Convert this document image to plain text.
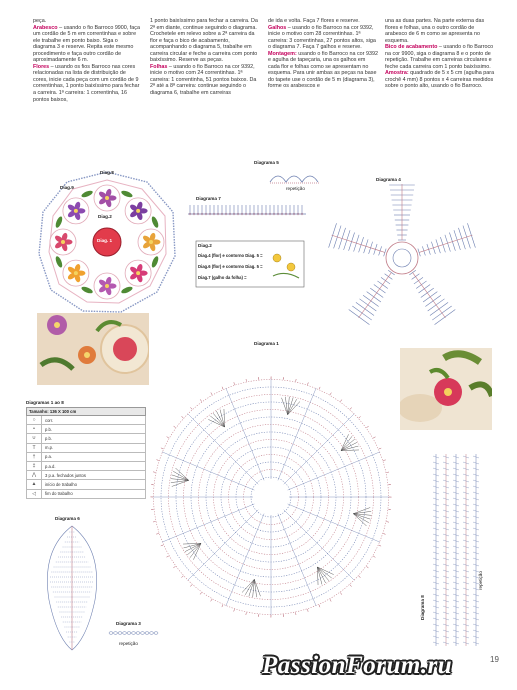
peça.

Arabesco – usando o fio Barroco 9900, faça um cordão de 5 m em correntinhas e sobre ele trabalhe em ponto baixo. Siga o diagrama 3 e reserve. Repita este mesmo procedimento e faça outro cordão de aproximadamente 6 m.

Flores – usando os fios Barroco nas cores relacionadas na lista de distribuição de cores, inicie cada peça com um cordão de 9 correntinhas, 1 ponto baixíssimo para fechar a carreira. 1ª carreira: 1 correntinha, 16 pontos baixos,

1 ponto baixíssimo para fechar a carreira. Da 2ª em diante, continue seguindo o diagrama. Crochetele em relevo sobre a 2ª carreira da flor e faça o bico de acabamento, acompanhando o diagrama 5, trabalhe em carreira circular e feche a carreira com ponto baixíssimo. Reserve as peças.

Folhas – usando o fio Barroco na cor 9392, inicie o motivo com 24 correntinhas. 1ª carreira: 1 correntinha, 51 pontos baixos. Da 2ª até a 8ª carreira: continue seguindo o diagrama 6, trabalhe em carreiras

de ida e volta. Faça 7 flores e reserve.

Galhos – usando o fio Barroco na cor 9392, inicie o motivo com 28 correntinhas. 1ª carreira: 3 correntinhas, 27 pontos altos, siga o diagrama 7. Faça 7 galhos e reserve.

Montagem: usando o fio Barroco na cor 9392 e agulha de tapeçaria, una os galhos em cada flor e folhas como se apresentam no esquema. Para unir ambas as peças na base do tapete use o cordão de 5 m (diagrama 3), forme os arabescos e

una as duas partes. Na parte externa das flores e folhas, una o outro cordão de arabesco de 6 m como se apresenta no esquema.

Bico de acabamento – usando o fio Barroco na cor 9900, siga o diagrama 8 e o ponto de repetição. Trabalhe em carreiras circulares e feche cada carreira com 1 ponto baixíssimo.

Amostra: quadrado de 5 x 5 cm (agulha para crochê 4 mm) 8 pontos x 4 carreiras medidos sobre o ponto alto, usando o fio Barroco.

Diag.8
Diag.9
Diag.2
Diag. 1
Diagrama 5
repetição
Diagrama 7
Diag.2
Diag.4 (flor) e contorno Diag. 5 =
Diag.6 (flor) e contorno Diag. 5 =
Diag.7 (galho da folha) =
Diagrama 4
Diagrama 1
Diagramas 1 ao 8
Tamanho: 136 X 100 cm
○	corr.
•	p.b.
∪	p.b.
T	m.p.
†	p.a.
‡	p.a.d.
⋀	3 p.a. fechados juntos
▲	início de trabalho
◁	fim do trabalho
Diagrama 6
Diagrama 3
repetição
Diagrama 8
repetição
PassionForum.ru	19
